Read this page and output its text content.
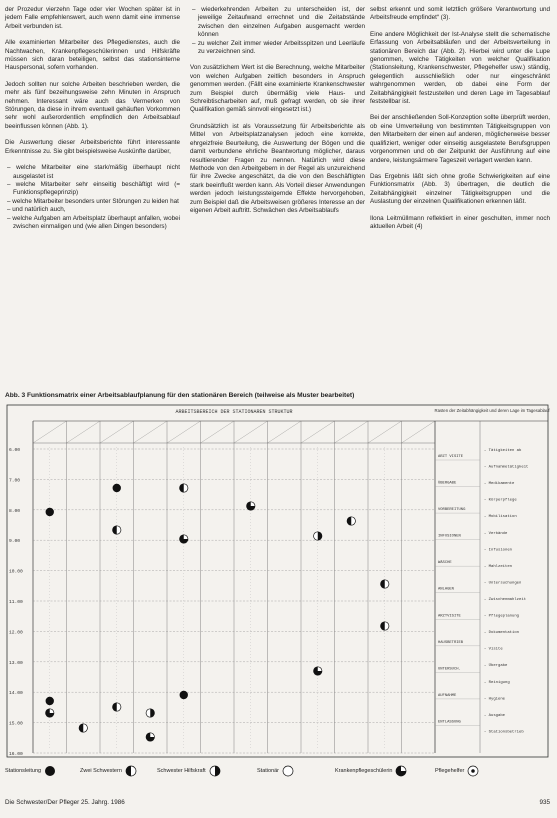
der Prozedur vierzehn Tage oder vier Wochen später ist in jedem Falle empfehlenswert, auch wenn damit eine immense Arbeit verbunden ist.

Alle examinierten Mitarbeiter des Pflegedienstes, auch die Nachtwachen, Krankenpflegeschülerinnen und Hilfskräfte müssen sich daran beteiligen, selbst das stationsinterne Hauspersonal, sofern vorhanden.

Jedoch sollten nur solche Arbeiten beschrieben werden, die mehr als fünf bezeihungsweise zehn Minuten in Anspruch nehmen. Interessant wäre auch das Vermerken von Störungen, da diese in ihrem eventuell gehäuften Vorkommen sehr wohl außerordentlich empfindlich den Arbeitsablauf beeinflussen können (Abb. 1).

Die Auswertung dieser Arbeitsberichte führt interessante Erkenntnisse zu. Sie gibt beispielsweise Auskünfte darüber,

– welche Mitarbeiter eine stark/mäßig überhaupt nicht ausgelastet ist
– welche Mitarbeiter sehr einseitig beschäftigt wird (= Funktionspflegeprinzip)
– welche Mitarbeiter besonders unter Störungen zu leiden hat
– und natürlich auch,
– welche Aufgaben am Arbeitsplatz überhaupt anfallen, wobei zwischen einmaligen und (wie allen Dingen besonders)
– wiederkehrenden Arbeiten zu unterscheiden ist, der jeweilige Zeitaufwand errechnet und die Zeitabstände zwischen den einzelnen Aufgaben ausgemacht werden können
– zu welcher Zeit immer wieder Arbeitsspitzen und Leerläufe zu verzeichnen sind.

Von zusätzlichem Wert ist die Berechnung, welche Mitarbeiter von welchen Aufgaben zeitlich besonders in Anspruch genommen werden. (Fällt eine examinierte Krankenschwester zum Beispiel durch übermäßig viele Haus- und Schreibtischarbeiten auf, muß gefragt werden, ob sie ihrer Qualifikation gemäß sinnvoll eingesetzt ist.)

Grundsätzlich ist als Voraussetzung für Arbeitsberichte als Mittel von Arbeitsplatzanalysen jedoch eine korrekte, ehrgeizfreie Beurteilung, die Auswertung der Bögen und die damit verbundene ehrliche Beantwortung möglicher, daraus resultierender Fragen zu nennen. Natürlich wird diese Methode von den Arbeitgebern in der Regel als unzureichend für ihre Zwecke angeschätzt, da die von den Beschäftigten stark beeinflußt werden kann. Als Vorteil dieser Anwendungen werden jedoch leistungssteigernde Effekte hervorgehoben, zum Beispiel daß die Arbeitsweisen größeres Interesse an der eigenen Arbeit auftritt. Schwächen des Arbeitsablaufs

selbst erkennt und somit letztlich größere Verantwortung und Arbeitsfreude empfindet“ (3).

Eine andere Möglichkeit der Ist-Analyse stellt die schematische Erfassung von Arbeitsabläufen und der Arbeitsverteilung in stationären Bereich dar (Abb. 2). Hierbei wird unter die Lupe genommen, welche Tätigkeiten von welcher Qualifikation (Stationsleitung, Krankenschwester, Pflegehelfer usw.) ständig, gelegentlich ausschließlich oder nur eingeschränkt wahrgenommen werden, ob dabei eine Form der Zeitabhängigkeit festzustellen und deren Lage im Tagesablauf feststellbar ist.

Bei der anschließenden Soll-Konzeption sollte überprüft werden, ob eine Umverteilung von bestimmten Tätigkeitsgruppen von den Mitarbeitern der einen auf anderen, möglicherweise besser qualifiziert, weniger oder einseitig ausgelastete Berufsgruppen vorgenommen und ob der Zeitpunkt der Ausführung auf eine andere, leistungsärmere Tageszeit verlagert werden kann.

Das Ergebnis läßt sich ohne große Schwierigkeiten auf eine Funktionsmatrix (Abb. 3) übertragen, die deutlich die Zeitabhängigkeit einzelner Tätigkeitsgruppen und die Auslastung der einzelnen Qualifikationen erkennen läßt.

Ilona Leitmüllmann reflektiert in einer geschulten, immer noch aktuellen Arbeit (4)

Abb. 3 Funktionsmatrix einer Arbeitsablaufplanung für den stationären Bereich (teilweise als Muster bearbeitet)
ARBEITSBEREICH DER STATIONAREN STRUKTUR	Rasten der Zeitabhängigkeit und deren Lage im Tagesablauf
6.00
7.00
8.00
9.00
10.00
11.00
12.00
13.00
14.00
15.00
16.00
ARZT VISITE
ÜBERGABE
VORBEREITUNG
INFUSIONEN
WÄSCHE
ANLAGEN
ARZTVISITE
HAUSBETRIEB
UNTERSUCH.
AUFNAHME
ENTLASSUNG
– Tätigkeiten ab
– Aufnahmetätigkeit
– Medikamente
– Körperpflege
– Mobilisation
– Verbände
– Infusionen
– Mahlzeiten
– Untersuchungen
– Zwischenmahlzeit
– Pflegeplanung
– Dokumentation
– Visite
– Übergabe
– Reinigung
– Hygiene
– Ausgabe
– Stationsbetrieb
Stationsleitung	Zwei Schwestern	Schwester Hilfskraft	Stationär	Krankenpflegeschülerin	Pflegehelfer
Die Schwester/Der Pfleger 25. Jahrg. 1986	935
